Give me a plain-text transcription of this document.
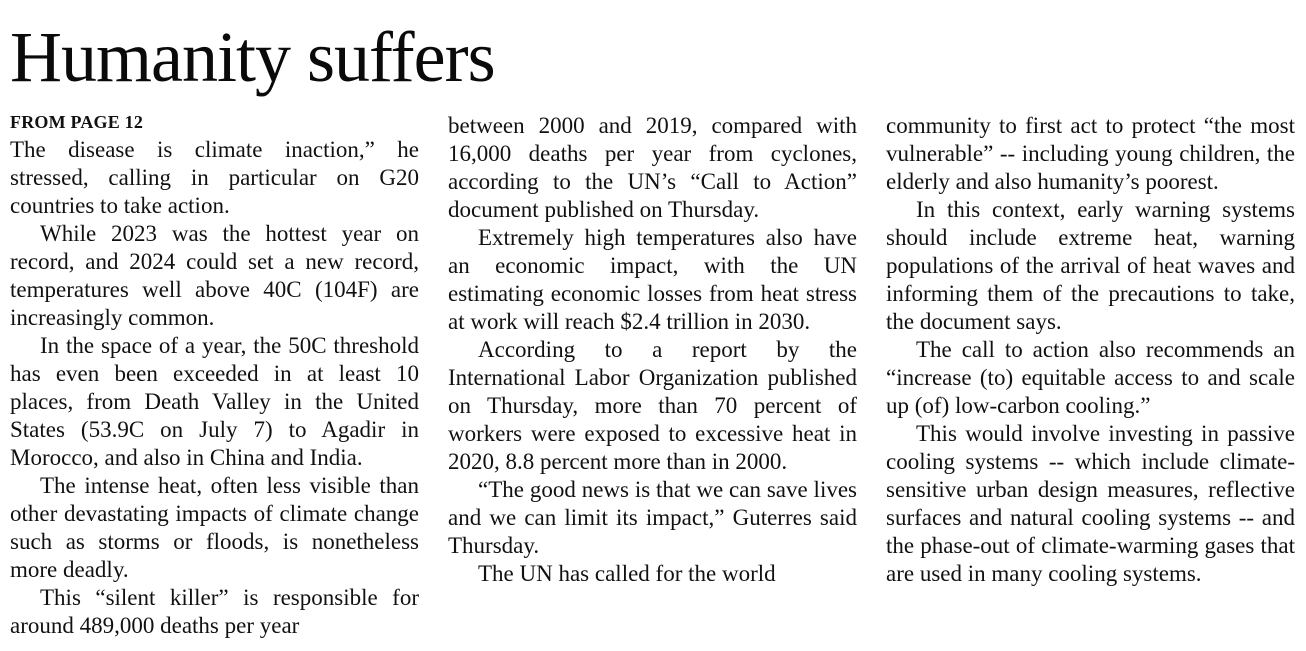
Humanity suffers
FROM PAGE 12

The disease is climate inaction,” he stressed, calling in particular on G20 countries to take action.

While 2023 was the hottest year on record, and 2024 could set a new record, temperatures well above 40C (104F) are increasingly common.

In the space of a year, the 50C threshold has even been exceeded in at least 10 places, from Death Valley in the United States (53.9C on July 7) to Agadir in Morocco, and also in China and India.

The intense heat, often less visible than other devastating impacts of climate change such as storms or floods, is nonetheless more deadly.

This “silent killer” is responsible for around 489,000 deaths per year

between 2000 and 2019, compared with 16,000 deaths per year from cyclones, according to the UN’s “Call to Action” document published on Thursday.

Extremely high temperatures also have an economic impact, with the UN estimating economic losses from heat stress at work will reach $2.4 trillion in 2030.

According to a report by the International Labor Organization published on Thursday, more than 70 percent of workers were exposed to excessive heat in 2020, 8.8 percent more than in 2000.

“The good news is that we can save lives and we can limit its impact,” Guterres said Thursday.

The UN has called for the world

community to first act to protect “the most vulnerable” -- including young children, the elderly and also humanity’s poorest.

In this context, early warning systems should include extreme heat, warning populations of the arrival of heat waves and informing them of the precautions to take, the document says.

The call to action also recommends an “increase (to) equitable access to and scale up (of) low-carbon cooling.”

This would involve investing in passive cooling systems -- which include climate-sensitive urban design measures, reflective surfaces and natural cooling systems -- and the phase-out of climate-warming gases that are used in many cooling systems.
